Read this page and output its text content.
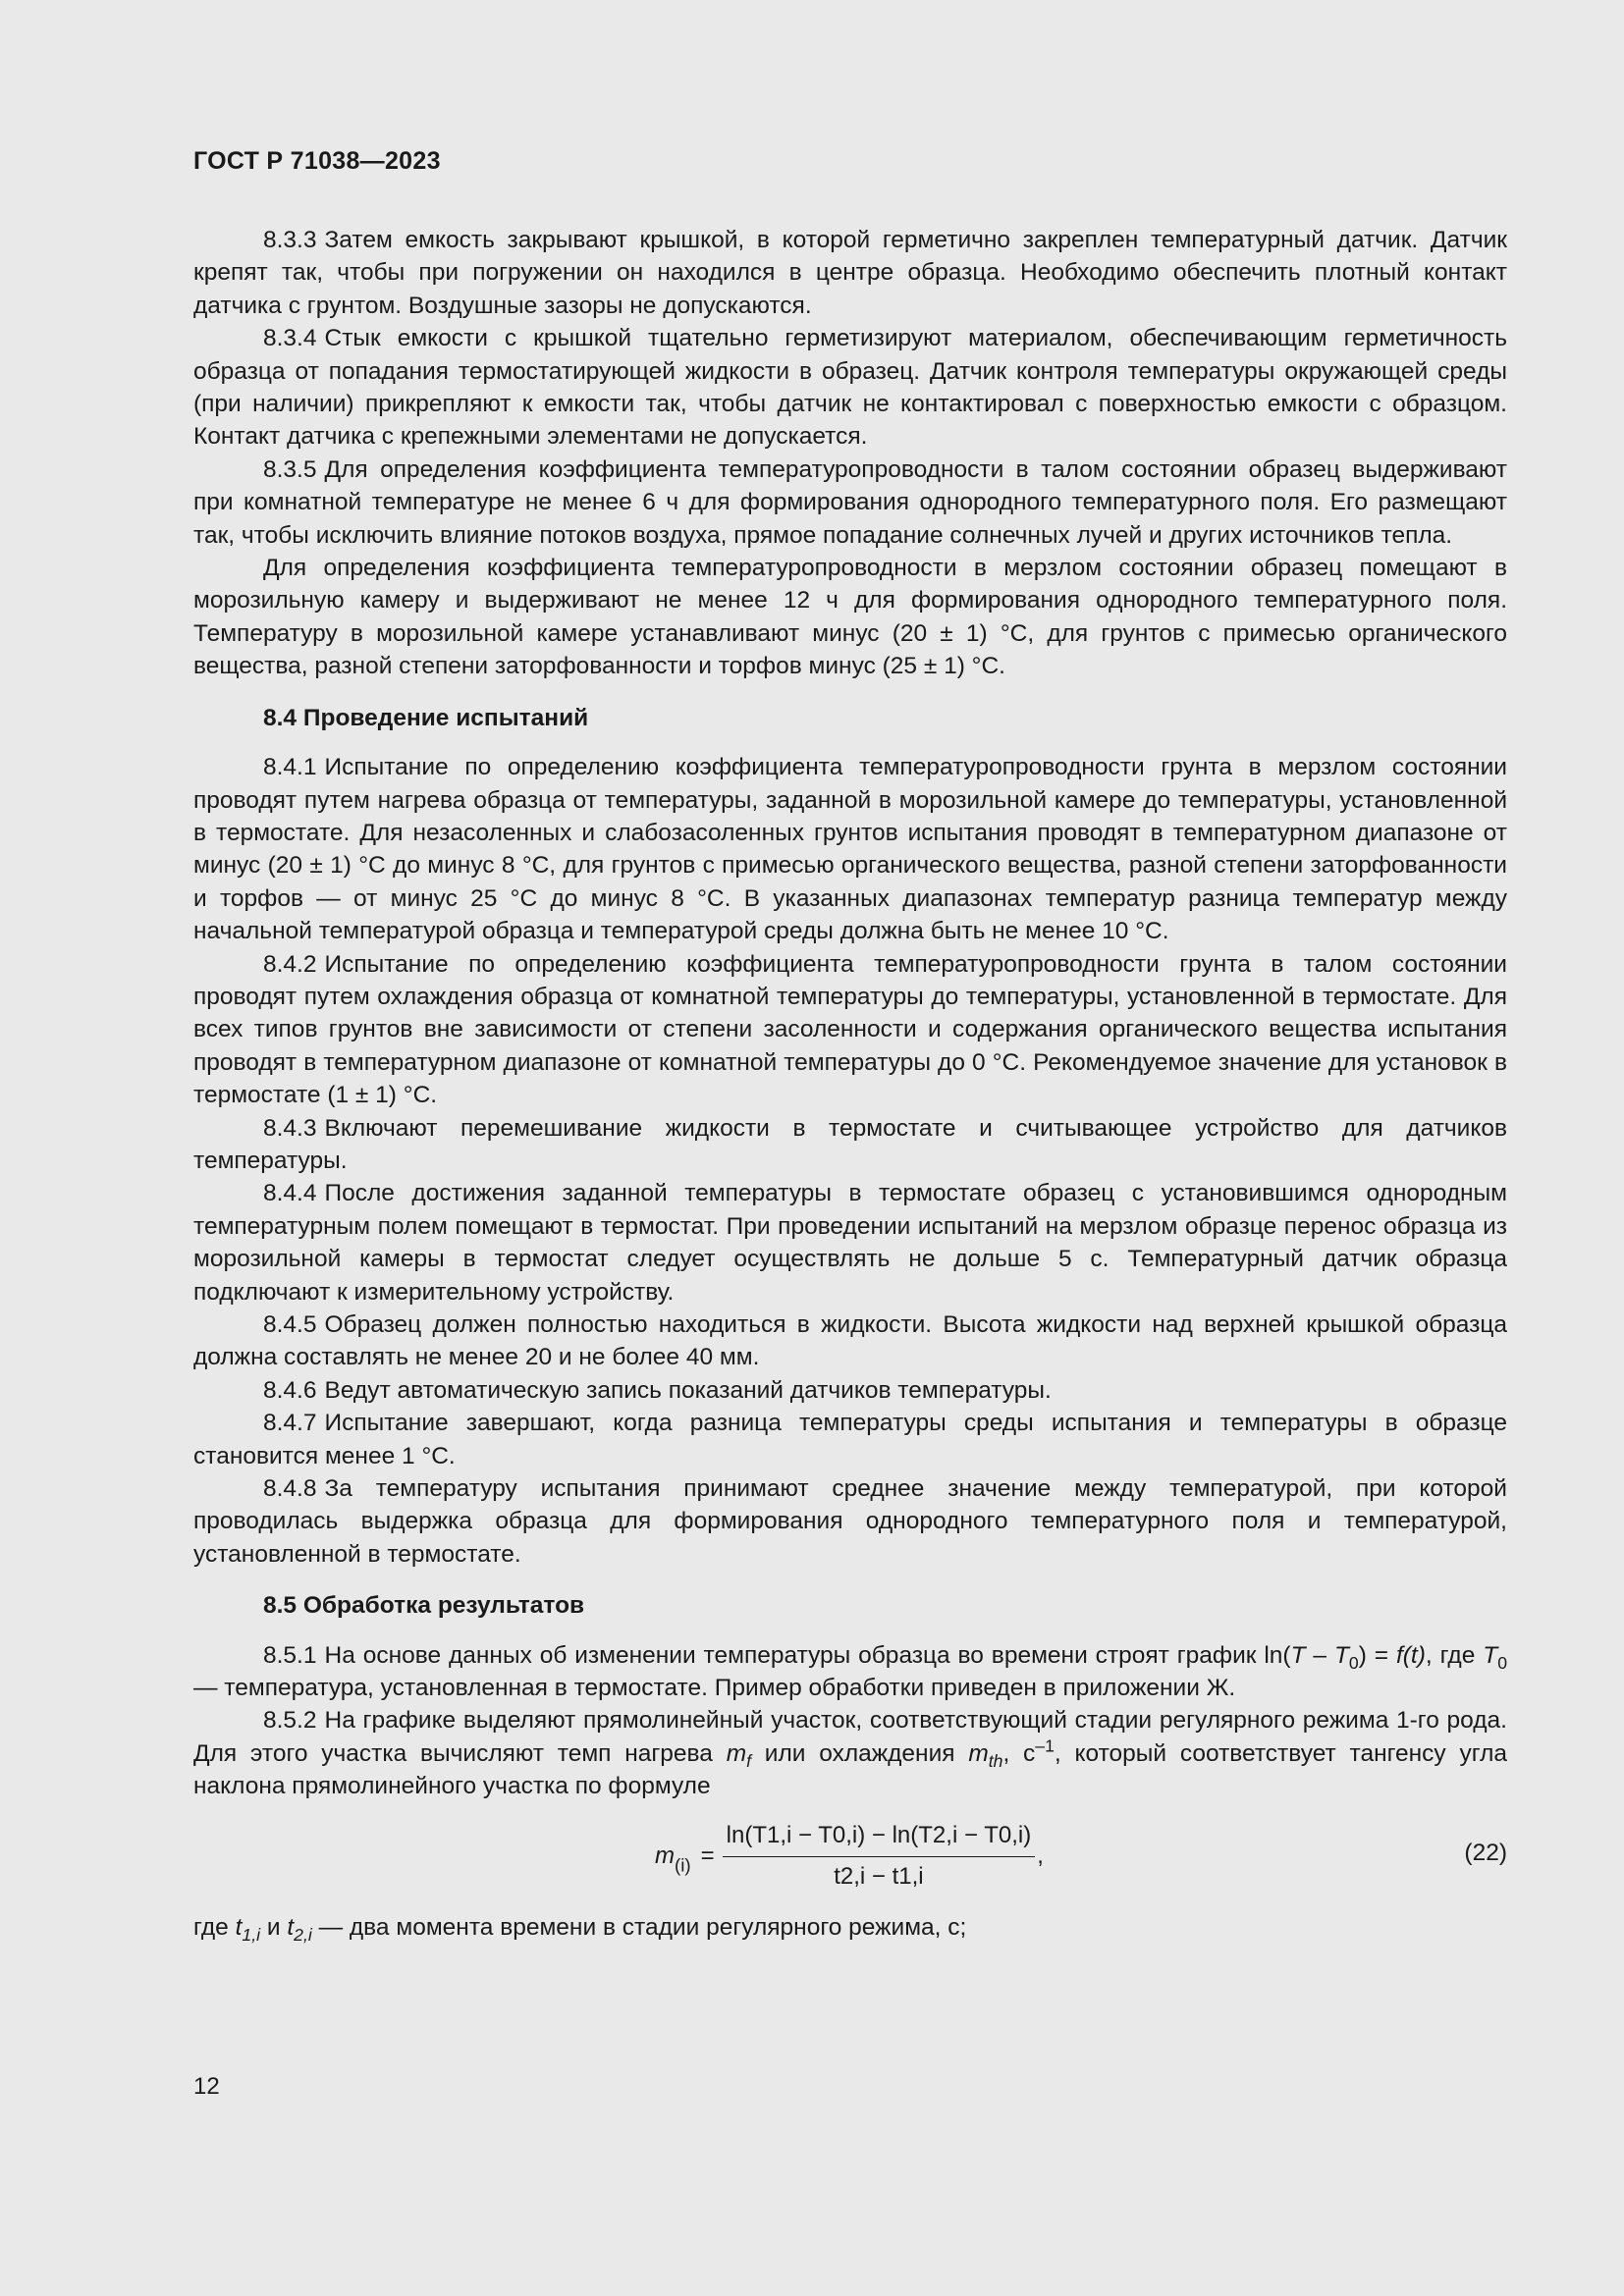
ГОСТ Р 71038—2023

8.3.3 Затем емкость закрывают крышкой, в которой герметично закреплен температурный датчик. Датчик крепят так, чтобы при погружении он находился в центре образца. Необходимо обеспечить плотный контакт датчика с грунтом. Воздушные зазоры не допускаются.

8.3.4 Стык емкости с крышкой тщательно герметизируют материалом, обеспечивающим герметичность образца от попадания термостатирующей жидкости в образец. Датчик контроля температуры окружающей среды (при наличии) прикрепляют к емкости так, чтобы датчик не контактировал с поверхностью емкости с образцом. Контакт датчика с крепежными элементами не допускается.

8.3.5 Для определения коэффициента температуропроводности в талом состоянии образец выдерживают при комнатной температуре не менее 6 ч для формирования однородного температурного поля. Его размещают так, чтобы исключить влияние потоков воздуха, прямое попадание солнечных лучей и других источников тепла.

Для определения коэффициента температуропроводности в мерзлом состоянии образец помещают в морозильную камеру и выдерживают не менее 12 ч для формирования однородного температурного поля. Температуру в морозильной камере устанавливают минус (20 ± 1) °С, для грунтов с примесью органического вещества, разной степени заторфованности и торфов минус (25 ± 1) °С.

8.4 Проведение испытаний

8.4.1 Испытание по определению коэффициента температуропроводности грунта в мерзлом состоянии проводят путем нагрева образца от температуры, заданной в морозильной камере до температуры, установленной в термостате. Для незасоленных и слабозасоленных грунтов испытания проводят в температурном диапазоне от минус (20 ± 1) °С до минус 8 °С, для грунтов с примесью органического вещества, разной степени заторфованности и торфов — от минус 25 °С до минус 8 °С. В указанных диапазонах температур разница температур между начальной температурой образца и температурой среды должна быть не менее 10 °С.

8.4.2 Испытание по определению коэффициента температуропроводности грунта в талом состоянии проводят путем охлаждения образца от комнатной температуры до температуры, установленной в термостате. Для всех типов грунтов вне зависимости от степени засоленности и содержания органического вещества испытания проводят в температурном диапазоне от комнатной температуры до 0 °С. Рекомендуемое значение для установок в термостате (1 ± 1) °С.

8.4.3 Включают перемешивание жидкости в термостате и считывающее устройство для датчиков температуры.

8.4.4 После достижения заданной температуры в термостате образец с установившимся однородным температурным полем помещают в термостат. При проведении испытаний на мерзлом образце перенос образца из морозильной камеры в термостат следует осуществлять не дольше 5 с. Температурный датчик образца подключают к измерительному устройству.

8.4.5 Образец должен полностью находиться в жидкости. Высота жидкости над верхней крышкой образца должна составлять не менее 20 и не более 40 мм.

8.4.6 Ведут автоматическую запись показаний датчиков температуры.

8.4.7 Испытание завершают, когда разница температуры среды испытания и температуры в образце становится менее 1 °С.

8.4.8 За температуру испытания принимают среднее значение между температурой, при которой проводилась выдержка образца для формирования однородного температурного поля и температурой, установленной в термостате.

8.5 Обработка результатов

8.5.1 На основе данных об изменении температуры образца во времени строят график $\ln(T - T_0) = f(t)$, где $T_0$ — температура, установленная в термостате. Пример обработки приведен в приложении Ж.

8.5.2 На графике выделяют прямолинейный участок, соответствующий стадии регулярного режима 1-го рода. Для этого участка вычисляют темп нагрева $m_f$ или охлаждения $m_{th}$, $с^{-1}$, который соответствует тангенсу угла наклона прямолинейного участка по формуле

$m_{(i)} = \frac{\ln(T1,i - T0,i) - \ln(T2,i - T0,i)}{t2,i - t1,i}$ ,	(22)

где $t_{1,i}$ и $t_{2,i}$ — два момента времени в стадии регулярного режима, с;

12
